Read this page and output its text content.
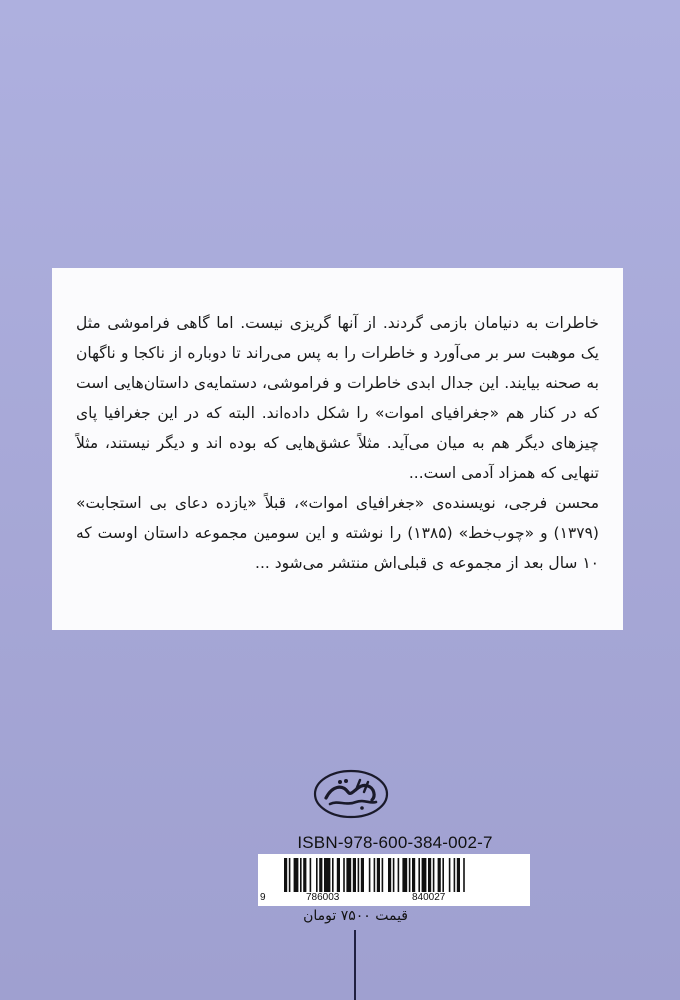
خاطرات به دنیامان بازمی گردند. از آنها گریزی نیست. اما گاهی فراموشی مثل یک موهبت سر بر می‌آورد و خاطرات را به پس می‌راند تا دوباره از ناکجا و ناگهان به صحنه بیایند. این جدال ابدی خاطرات و فراموشی، دستمایه‌ی داستان‌هایی است که در کنار هم «جغرافیای اموات» را شکل داده‌اند. البته که در این جغرافیا پای چیزهای دیگر هم به میان می‌آید. مثلاً عشق‌هایی که بوده اند و دیگر نیستند، مثلاً تنهایی که همزاد آدمی است...

محسن فرجی، نویسنده‌ی «جغرافیای اموات»، قبلاً «یازده دعای بی استجابت» (۱۳۷۹) و «چوب‌خط» (۱۳۸۵) را نوشته و این سومین مجموعه داستان اوست که ۱۰ سال بعد از مجموعه ی قبلی‌اش منتشر می‌شود ...

ISBN-978-600-384-002-7
9	786003	840027
قیمت ۷۵۰۰ تومان
